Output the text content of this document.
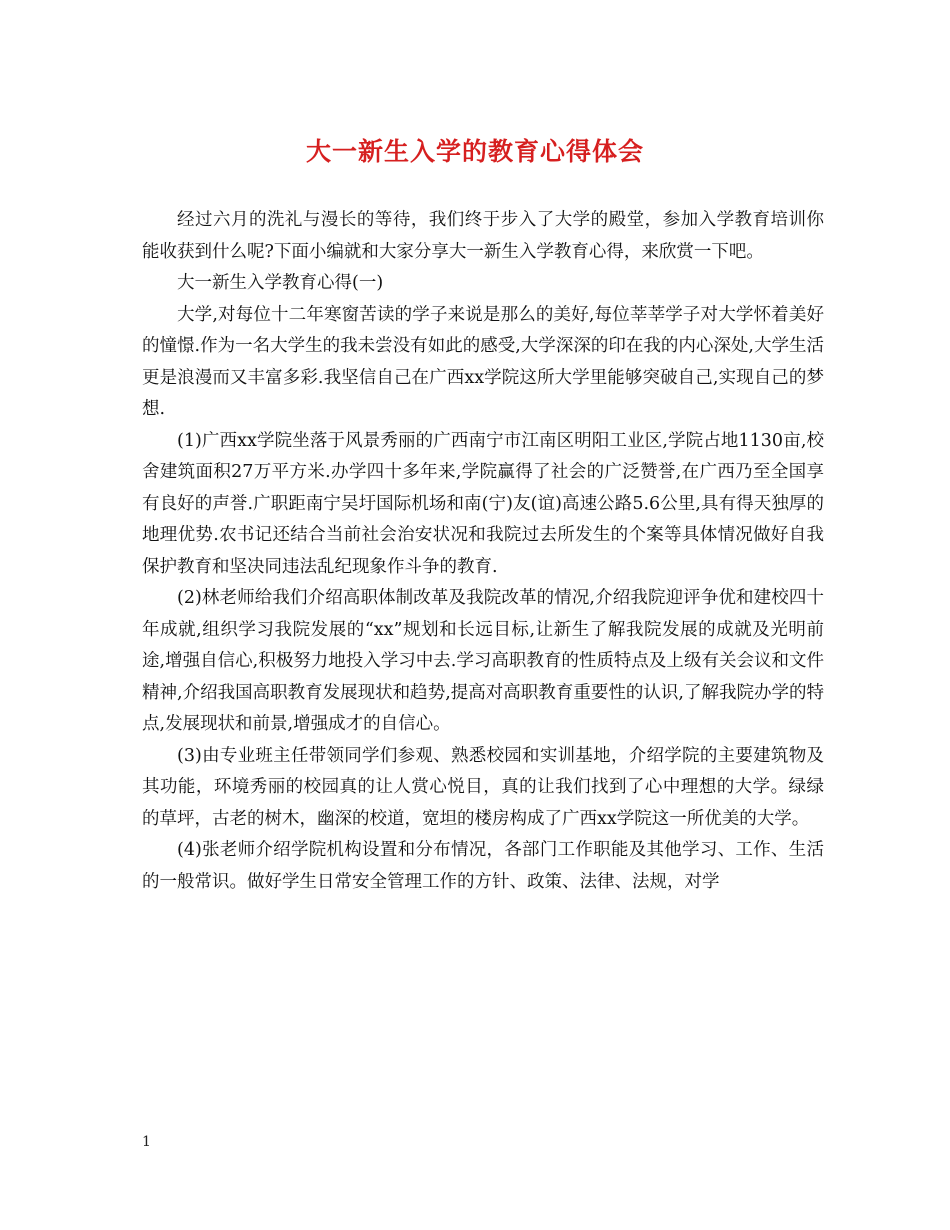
大一新生入学的教育心得体会

经过六月的洗礼与漫长的等待，我们终于步入了大学的殿堂，参加入学教育培训你能收获到什么呢?下面小编就和大家分享大一新生入学教育心得，来欣赏一下吧。

大一新生入学教育心得(一)

大学,对每位十二年寒窗苦读的学子来说是那么的美好,每位莘莘学子对大学怀着美好的憧憬.作为一名大学生的我未尝没有如此的感受,大学深深的印在我的内心深处,大学生活更是浪漫而又丰富多彩.我坚信自己在广西xx学院这所大学里能够突破自己,实现自己的梦想.

(1)广西xx学院坐落于风景秀丽的广西南宁市江南区明阳工业区,学院占地1130亩,校舍建筑面积27万平方米.办学四十多年来,学院赢得了社会的广泛赞誉,在广西乃至全国享有良好的声誉.广职距南宁吴圩国际机场和南(宁)友(谊)高速公路5.6公里,具有得天独厚的地理优势.农书记还结合当前社会治安状况和我院过去所发生的个案等具体情况做好自我保护教育和坚决同违法乱纪现象作斗争的教育.

(2)林老师给我们介绍高职体制改革及我院改革的情况,介绍我院迎评争优和建校四十年成就,组织学习我院发展的“xx”规划和长远目标,让新生了解我院发展的成就及光明前途,增强自信心,积极努力地投入学习中去.学习高职教育的性质特点及上级有关会议和文件精神,介绍我国高职教育发展现状和趋势,提高对高职教育重要性的认识,了解我院办学的特点,发展现状和前景,增强成才的自信心。

(3)由专业班主任带领同学们参观、熟悉校园和实训基地，介绍学院的主要建筑物及其功能，环境秀丽的校园真的让人赏心悦目，真的让我们找到了心中理想的大学。绿绿的草坪，古老的树木，幽深的校道，宽坦的楼房构成了广西xx学院这一所优美的大学。

(4)张老师介绍学院机构设置和分布情况，各部门工作职能及其他学习、工作、生活的一般常识。做好学生日常安全管理工作的方针、政策、法律、法规，对学

1
